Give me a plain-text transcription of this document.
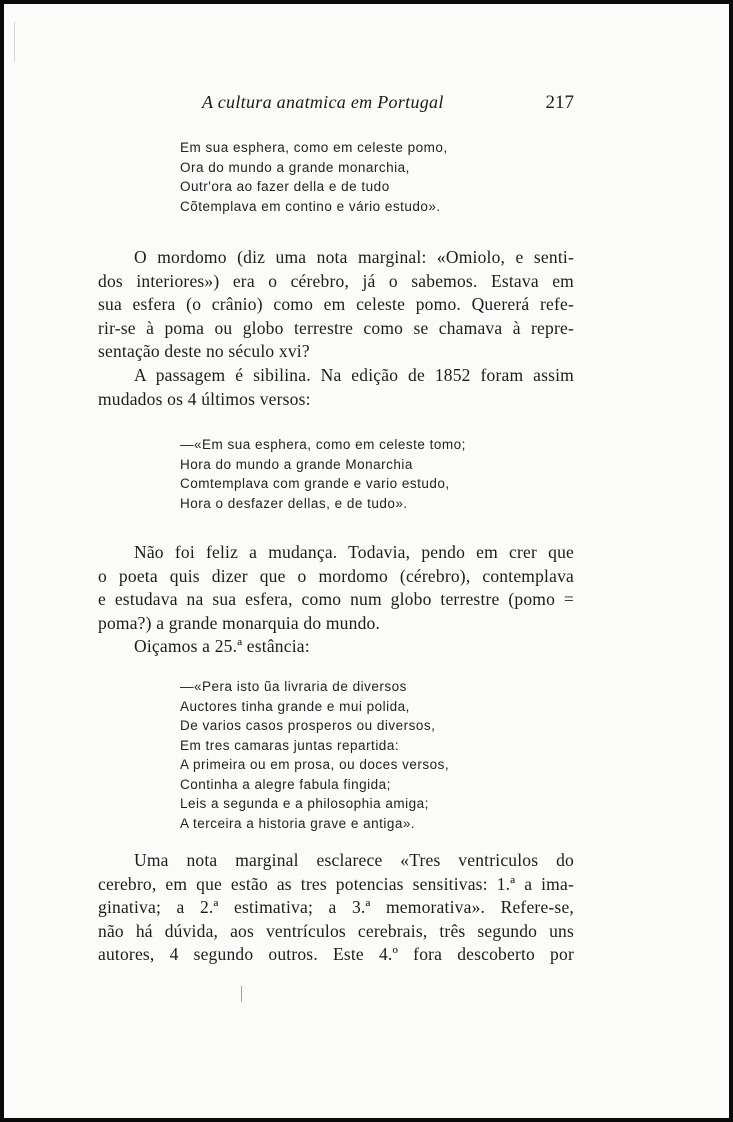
A cultura anatmica em Portugal	217
Em sua esphera, como em celeste pomo,
Ora do mundo a grande monarchia,
Outr'ora ao fazer della e de tudo
Cõtemplava em contino e vário estudo».
O mordomo (diz uma nota marginal: «Omiolo, e senti-
dos interiores») era o cérebro, já o sabemos. Estava em
sua esfera (o crânio) como em celeste pomo. Quererá refe-
rir-se à poma ou globo terrestre como se chamava à repre-
sentação deste no século xvi?
A passagem é sibilina. Na edição de 1852 foram assim
mudados os 4 últimos versos:
—«Em sua esphera, como em celeste tomo;
Hora do mundo a grande Monarchia
Comtemplava com grande e vario estudo,
Hora o desfazer dellas, e de tudo».
Não foi feliz a mudança. Todavia, pendo em crer que
o poeta quis dizer que o mordomo (cérebro), contemplava
e estudava na sua esfera, como num globo terrestre (pomo =
poma?) a grande monarquia do mundo.
Oiçamos a 25.ª estância:
—«Pera isto ũa livraria de diversos
Auctores tinha grande e mui polida,
De varios casos prosperos ou diversos,
Em tres camaras juntas repartida:
A primeira ou em prosa, ou doces versos,
Continha a alegre fabula fingida;
Leis a segunda e a philosophia amiga;
A terceira a historia grave e antiga».
Uma nota marginal esclarece «Tres ventriculos do
cerebro, em que estão as tres potencias sensitivas: 1.ª a ima-
ginativa; a 2.ª estimativa; a 3.ª memorativa». Refere-se,
não há dúvida, aos ventrículos cerebrais, três segundo uns
autores, 4 segundo outros. Este 4.º fora descoberto por
